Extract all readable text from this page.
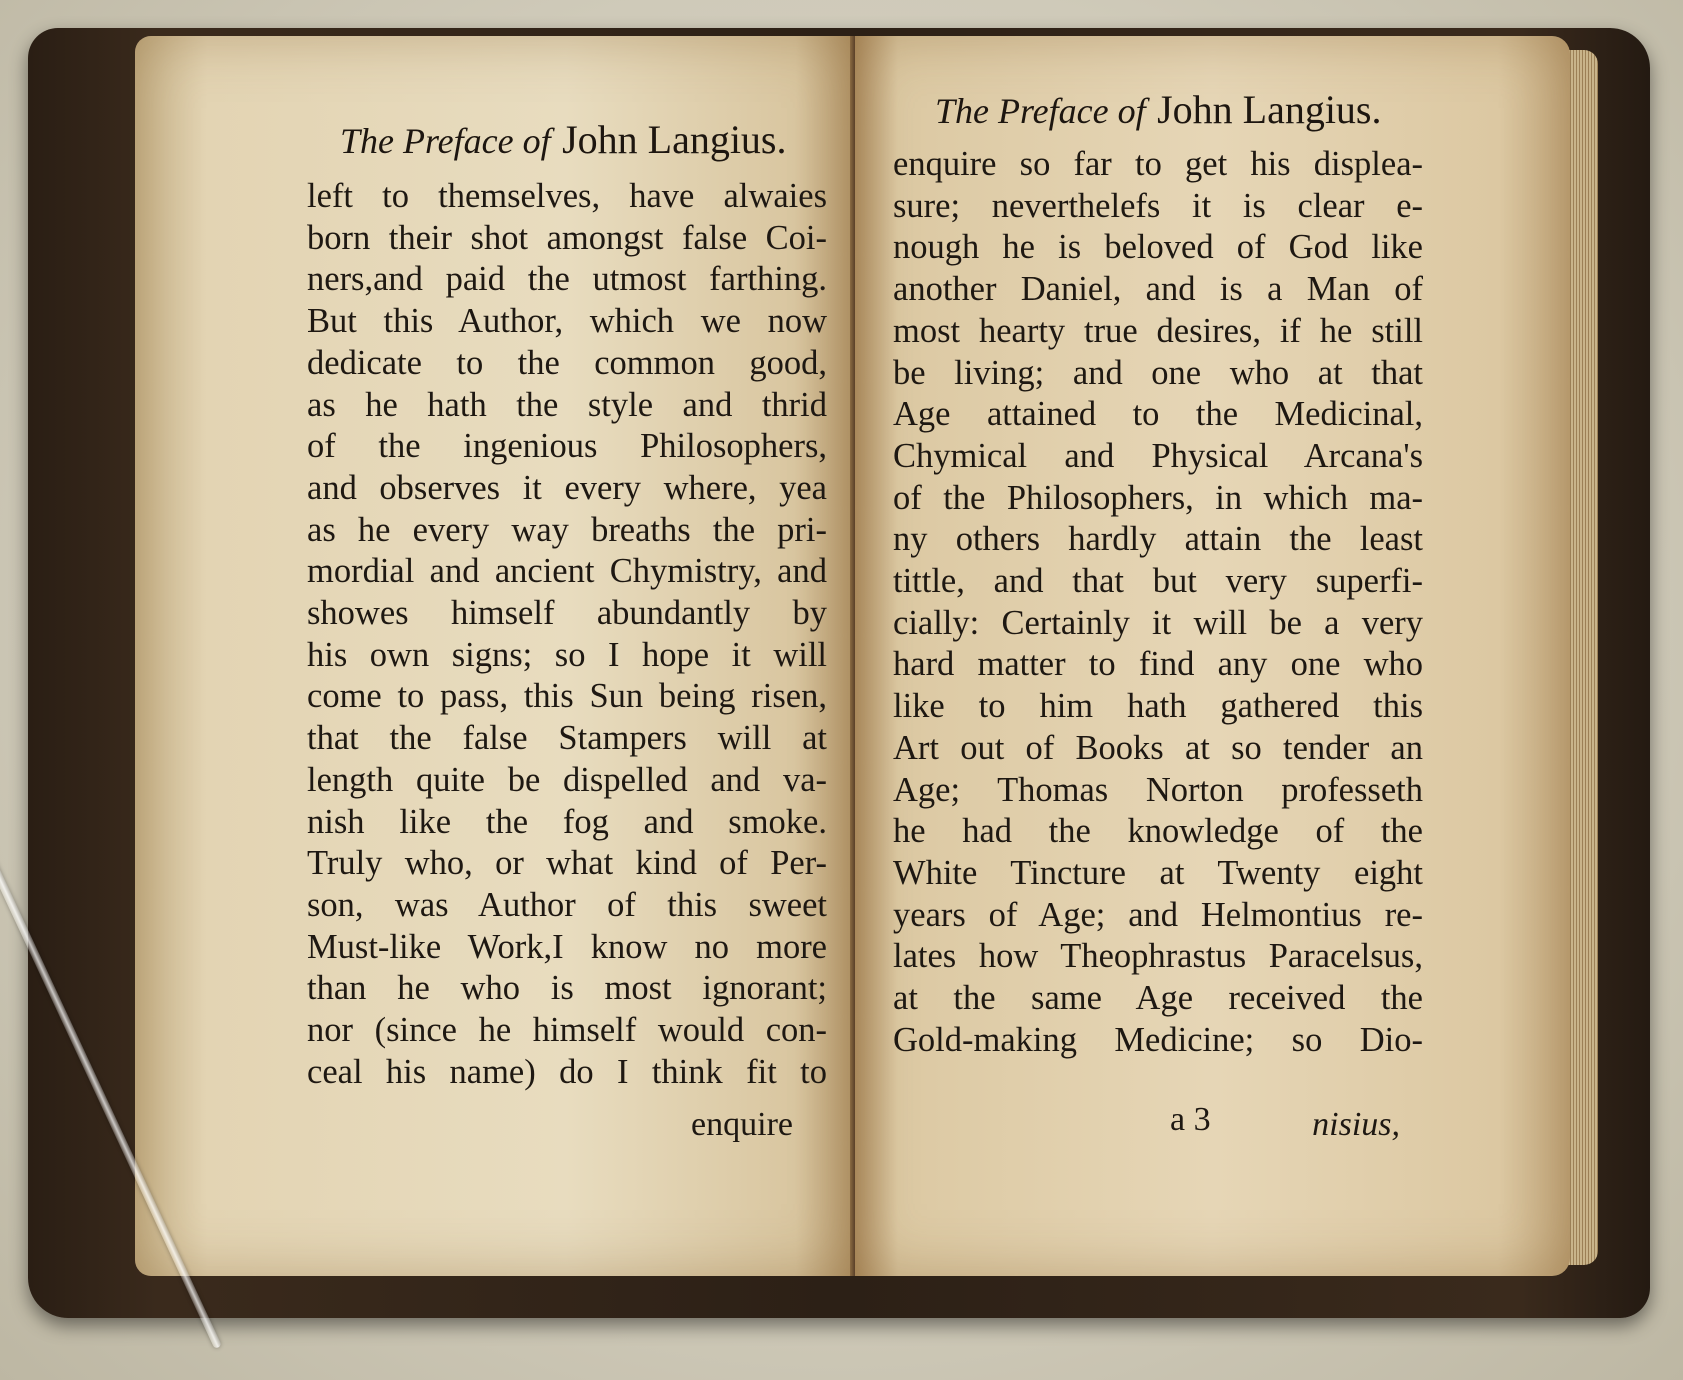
The Preface of John Langius.
left to themselves, have alwaies
born their shot amongst false Coi-
ners,and paid the utmost farthing.
But this Author, which we now
dedicate to the common good,
as he hath the style and thrid
of the ingenious Philosophers,
and observes it every where, yea
as he every way breaths the pri-
mordial and ancient Chymistry, and
showes himself abundantly by
his own signs; so I hope it will
come to pass, this Sun being risen,
that the false Stampers will at
length quite be dispelled and va-
nish like the fog and smoke.
Truly who, or what kind of Per-
son, was Author of this sweet
Must-like Work,I know no more
than he who is most ignorant;
nor (since he himself would con-
ceal his name) do I think fit to
enquire
The Preface of John Langius.
enquire so far to get his displea-
sure; neverthelefs it is clear e-
nough he is beloved of God like
another Daniel, and is a Man of
most hearty true desires, if he still
be living; and one who at that
Age attained to the Medicinal,
Chymical and Physical Arcana's
of the Philosophers, in which ma-
ny others hardly attain the least
tittle, and that but very superfi-
cially: Certainly it will be a very
hard matter to find any one who
like to him hath gathered this
Art out of Books at so tender an
Age; Thomas Norton professeth
he had the knowledge of the
White Tincture at Twenty eight
years of Age; and Helmontius re-
lates how Theophrastus Paracelsus,
at the same Age received the
Gold-making Medicine; so Dio-
a 3	nisius,
